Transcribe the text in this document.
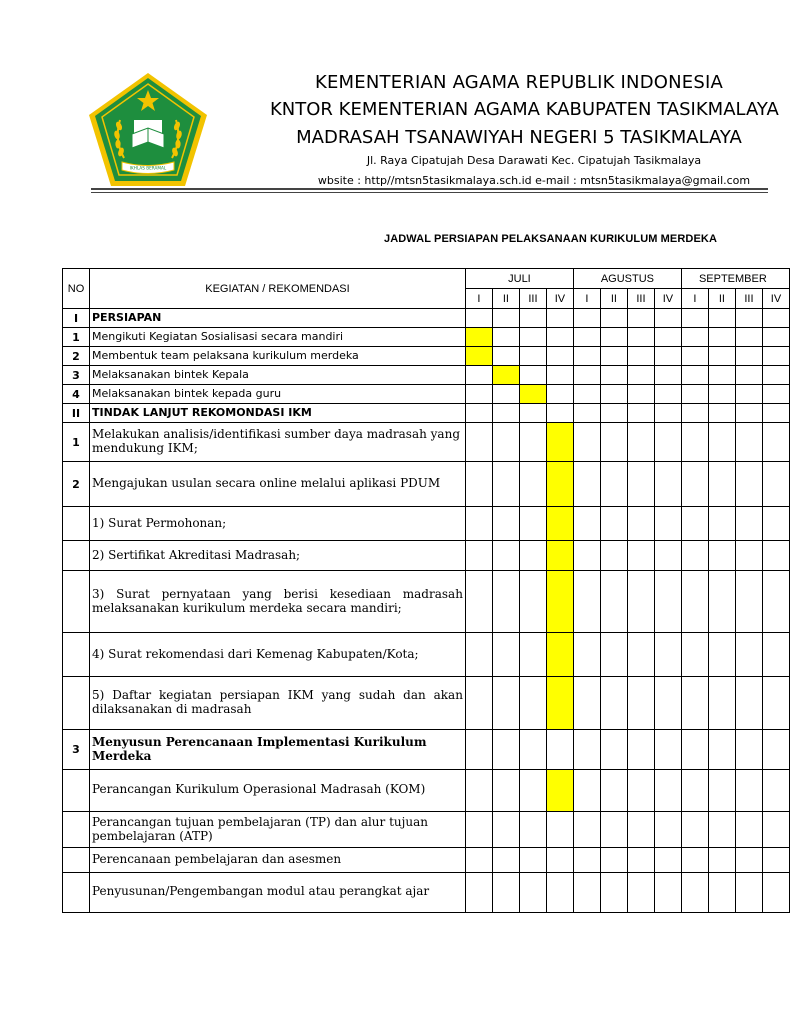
IKHLAS BERAMAL
KEMENTERIAN AGAMA REPUBLIK INDONESIA
KNTOR KEMENTERIAN AGAMA KABUPATEN TASIKMALAYA
MADRASAH TSANAWIYAH NEGERI 5 TASIKMALAYA
Jl. Raya Cipatujah Desa Darawati Kec. Cipatujah Tasikmalaya
wbsite : http//mtsn5tasikmalaya.sch.id e-mail : mtsn5tasikmalaya@gmail.com
JADWAL PERSIAPAN PELAKSANAAN KURIKULUM MERDEKA
NO	KEGIATAN / REKOMENDASI	JULI				AGUSTUS				SEPTEMBER			
		I	II	III	IV	I	II	III	IV	I	II	III	IV
I	PERSIAPAN												
1	Mengikuti Kegiatan Sosialisasi secara mandiri												
2	Membentuk team pelaksana kurikulum merdeka												
3	Melaksanakan bintek Kepala												
4	Melaksanakan bintek kepada guru												
II	TINDAK LANJUT REKOMONDASI IKM												
1	Melakukan analisis/identifikasi sumber daya madrasah yang mendukung IKM;												
2	Mengajukan usulan secara online melalui aplikasi PDUM												
	1) Surat Permohonan;												
	2) Sertifikat Akreditasi Madrasah;												
	3) Surat pernyataan yang berisi kesediaan madrasah melaksanakan kurikulum merdeka secara mandiri;												
	4) Surat rekomendasi dari Kemenag Kabupaten/Kota;												
	5) Daftar kegiatan persiapan IKM yang sudah dan akan dilaksanakan di madrasah												
3	Menyusun Perencanaan Implementasi Kurikulum Merdeka												
	Perancangan Kurikulum Operasional Madrasah (KOM)												
	Perancangan tujuan pembelajaran (TP) dan alur tujuan pembelajaran (ATP)												
	Perencanaan pembelajaran dan asesmen												
	Penyusunan/Pengembangan modul atau perangkat ajar												
